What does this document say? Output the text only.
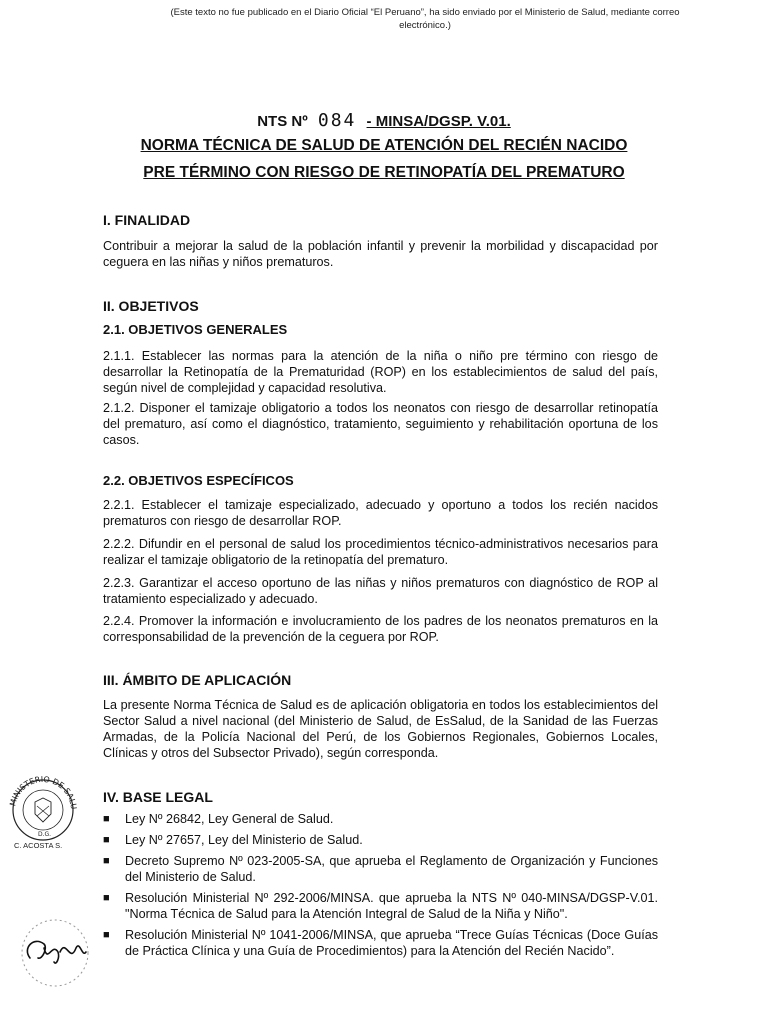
(Este texto no fue publicado en el Diario Oficial “El Peruano”, ha sido enviado por el Ministerio de Salud, mediante correo electrónico.)
NTS Nº 084 - MINSA/DGSP. V.01.
NORMA TÉCNICA DE SALUD DE ATENCIÓN DEL RECIÉN NACIDO
PRE TÉRMINO CON RIESGO DE RETINOPATÍA DEL PREMATURO
I. FINALIDAD
Contribuir a mejorar la salud de la población infantil y prevenir la morbilidad y discapacidad por ceguera en las niñas y niños prematuros.
II. OBJETIVOS
2.1. OBJETIVOS GENERALES
2.1.1. Establecer las normas para la atención de la niña o niño pre término con riesgo de desarrollar la Retinopatía de la Prematuridad (ROP) en los establecimientos de salud del país, según nivel de complejidad y capacidad resolutiva.
2.1.2. Disponer el tamizaje obligatorio a todos los neonatos con riesgo de desarrollar retinopatía del prematuro, así como el diagnóstico, tratamiento, seguimiento y rehabilitación oportuna de los casos.
2.2. OBJETIVOS ESPECÍFICOS
2.2.1. Establecer el tamizaje especializado, adecuado y oportuno a todos los recién nacidos prematuros con riesgo de desarrollar ROP.
2.2.2. Difundir en el personal de salud los procedimientos técnico-administrativos necesarios para realizar el tamizaje obligatorio de la retinopatía del prematuro.
2.2.3. Garantizar el acceso oportuno de las niñas y niños prematuros con diagnóstico de ROP al tratamiento especializado y adecuado.
2.2.4. Promover la información e involucramiento de los padres de los neonatos prematuros en la corresponsabilidad de la prevención de la ceguera por ROP.
III. ÁMBITO DE APLICACIÓN
La presente Norma Técnica de Salud es de aplicación obligatoria en todos los establecimientos del Sector Salud a nivel nacional (del Ministerio de Salud, de EsSalud, de la Sanidad de las Fuerzas Armadas, de la Policía Nacional del Perú, de los Gobiernos Regionales, Gobiernos Locales, Clínicas y otros del Subsector Privado), según corresponda.
IV. BASE LEGAL
■ Ley Nº 26842, Ley General de Salud.
■ Ley Nº 27657, Ley del Ministerio de Salud.
■ Decreto Supremo Nº 023-2005-SA, que aprueba el Reglamento de Organización y Funciones del Ministerio de Salud.
■ Resolución Ministerial Nº 292-2006/MINSA. que aprueba la NTS Nº 040-MINSA/DGSP-V.01. "Norma Técnica de Salud para la Atención Integral de Salud de la Niña y Niño".
■ Resolución Ministerial Nº 1041-2006/MINSA, que aprueba “Trece Guías Técnicas (Doce Guías de Práctica Clínica y una Guía de Procedimientos) para la Atención del Recién Nacido”.
MINISTERIO DE SALU
D.G.
C. ACOSTA S.
